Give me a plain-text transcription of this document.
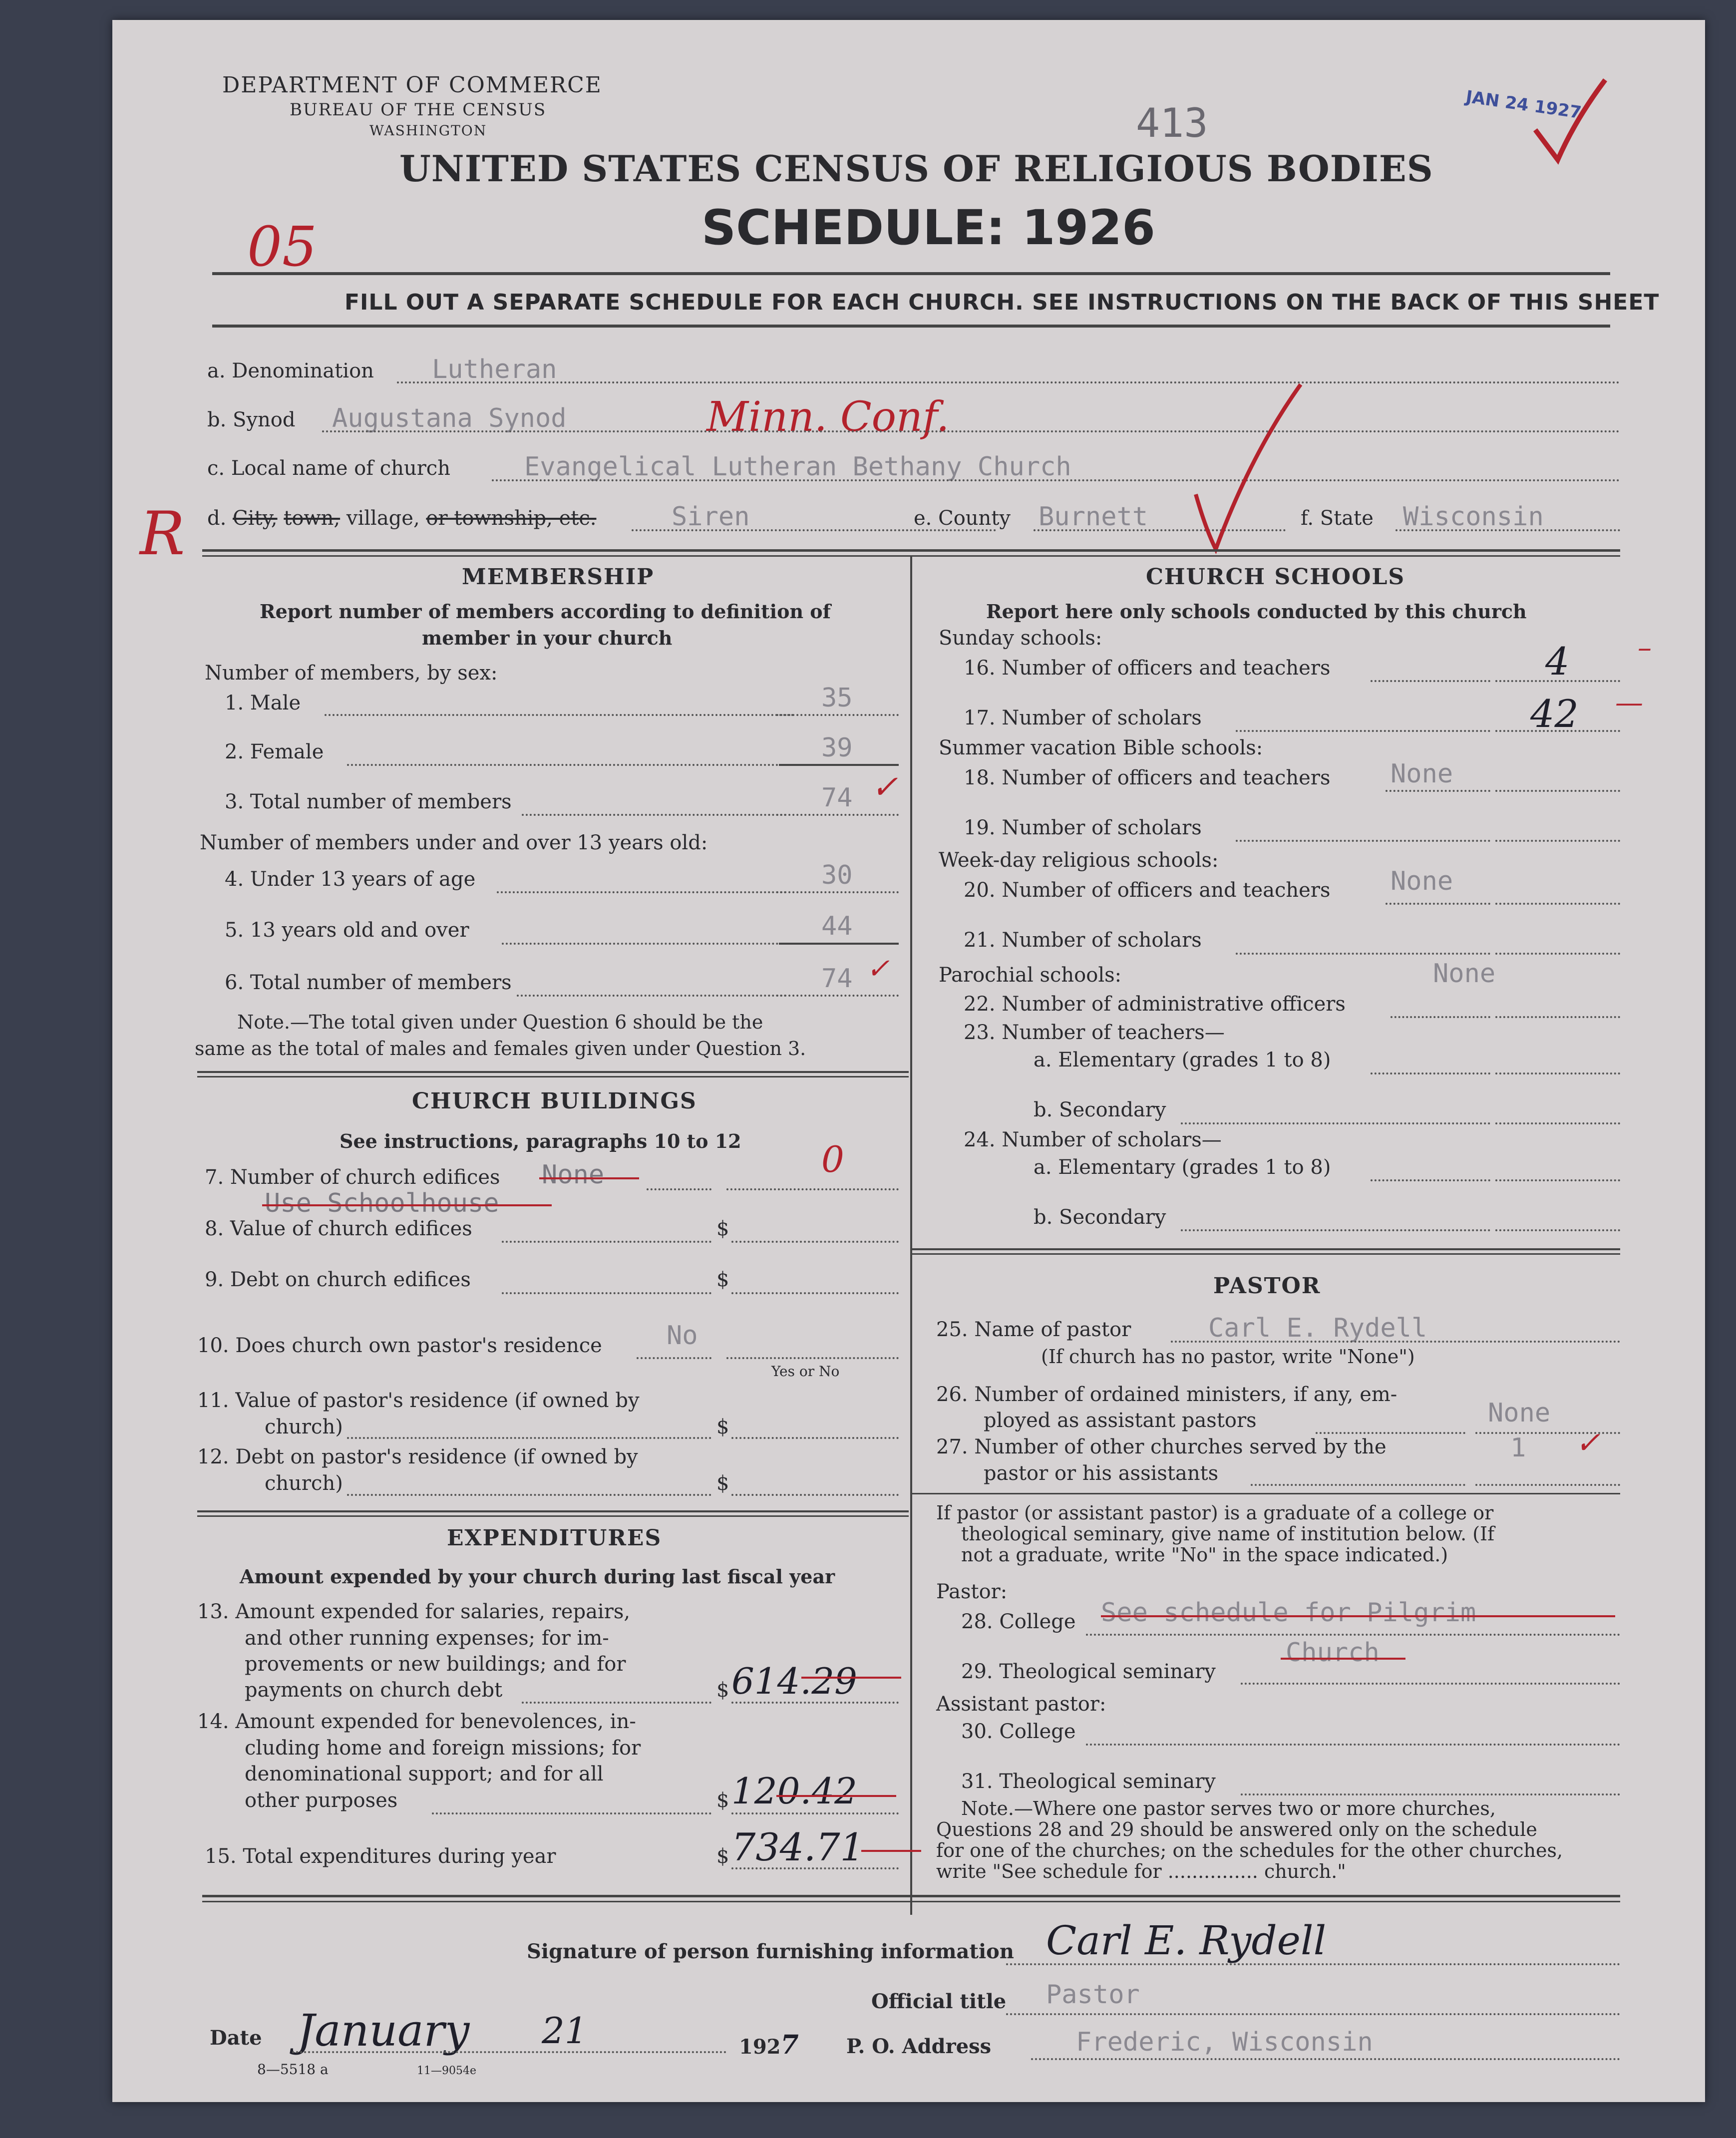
DEPARTMENT OF COMMERCE
BUREAU OF THE CENSUS
WASHINGTON	413	JAN 24 1927
UNITED STATES CENSUS OF RELIGIOUS BODIES
SCHEDULE: 1926
05
FILL OUT A SEPARATE SCHEDULE FOR EACH CHURCH. SEE INSTRUCTIONS ON THE BACK OF THIS SHEET
a. Denomination Lutheran
b. Synod Augustana Synod	Minn. Conf.
c. Local name of church	Evangelical Lutheran Bethany Church
R d. City, town, village, or township, etc.	Siren	e. County Burnett	f. State Wisconsin
MEMBERSHIP
Report number of members according to definition of
member in your church
Number of members, by sex:
1. Male	35
2. Female	39
3. Total number of members	74 ✓
Number of members under and over 13 years old:
4. Under 13 years of age	30
5. 13 years old and over	44
6. Total number of members	74 ✓
Note.—The total given under Question 6 should be the
same as the total of males and females given under Question 3.
CHURCH BUILDINGS
See instructions, paragraphs 10 to 12
7. Number of church edifices None
Use Schoolhouse
0
8. Value of church edifices	$
9. Debt on church edifices	$
10. Does church own pastor's residence No
Yes or No
11. Value of pastor's residence (if owned by
church)	$
12. Debt on pastor's residence (if owned by
church)	$
EXPENDITURES
Amount expended by your church during last fiscal year
13. Amount expended for salaries, repairs,
and other running expenses; for im-
provements or new buildings; and for
payments on church debt	$ 614.29
14. Amount expended for benevolences, in-
cluding home and foreign missions; for
denominational support; and for all
other purposes	$ 120.42
15. Total expenditures during year	$ 734.71
CHURCH SCHOOLS
Report here only schools conducted by this church
Sunday schools:
16. Number of officers and teachers	4 –
17. Number of scholars	42 —
Summer vacation Bible schools:
18. Number of officers and teachers None
19. Number of scholars
Week-day religious schools:
20. Number of officers and teachers None
21. Number of scholars
Parochial schools:	None
22. Number of administrative officers
23. Number of teachers—
a. Elementary (grades 1 to 8)
b. Secondary
24. Number of scholars—
a. Elementary (grades 1 to 8)
b. Secondary
PASTOR
25. Name of pastor	Carl E. Rydell
(If church has no pastor, write "None")
26. Number of ordained ministers, if any, em-
ployed as assistant pastors	None
27. Number of other churches served by the
pastor or his assistants
1 ✓
If pastor (or assistant pastor) is a graduate of a college or
theological seminary, give name of institution below. (If
not a graduate, write "No" in the space indicated.)
Pastor:
28. College See schedule for Pilgrim
29. Theological seminary
Church
Assistant pastor:
30. College
31. Theological seminary
Note.—Where one pastor serves two or more churches,
Questions 28 and 29 should be answered only on the schedule
for one of the churches; on the schedules for the other churches,
write "See schedule for ............... church."
Signature of person furnishing information Carl E. Rydell
Official title Pastor
Date January 21	1927
8—5518 a	11—9054e
P. O. Address	Frederic, Wisconsin
